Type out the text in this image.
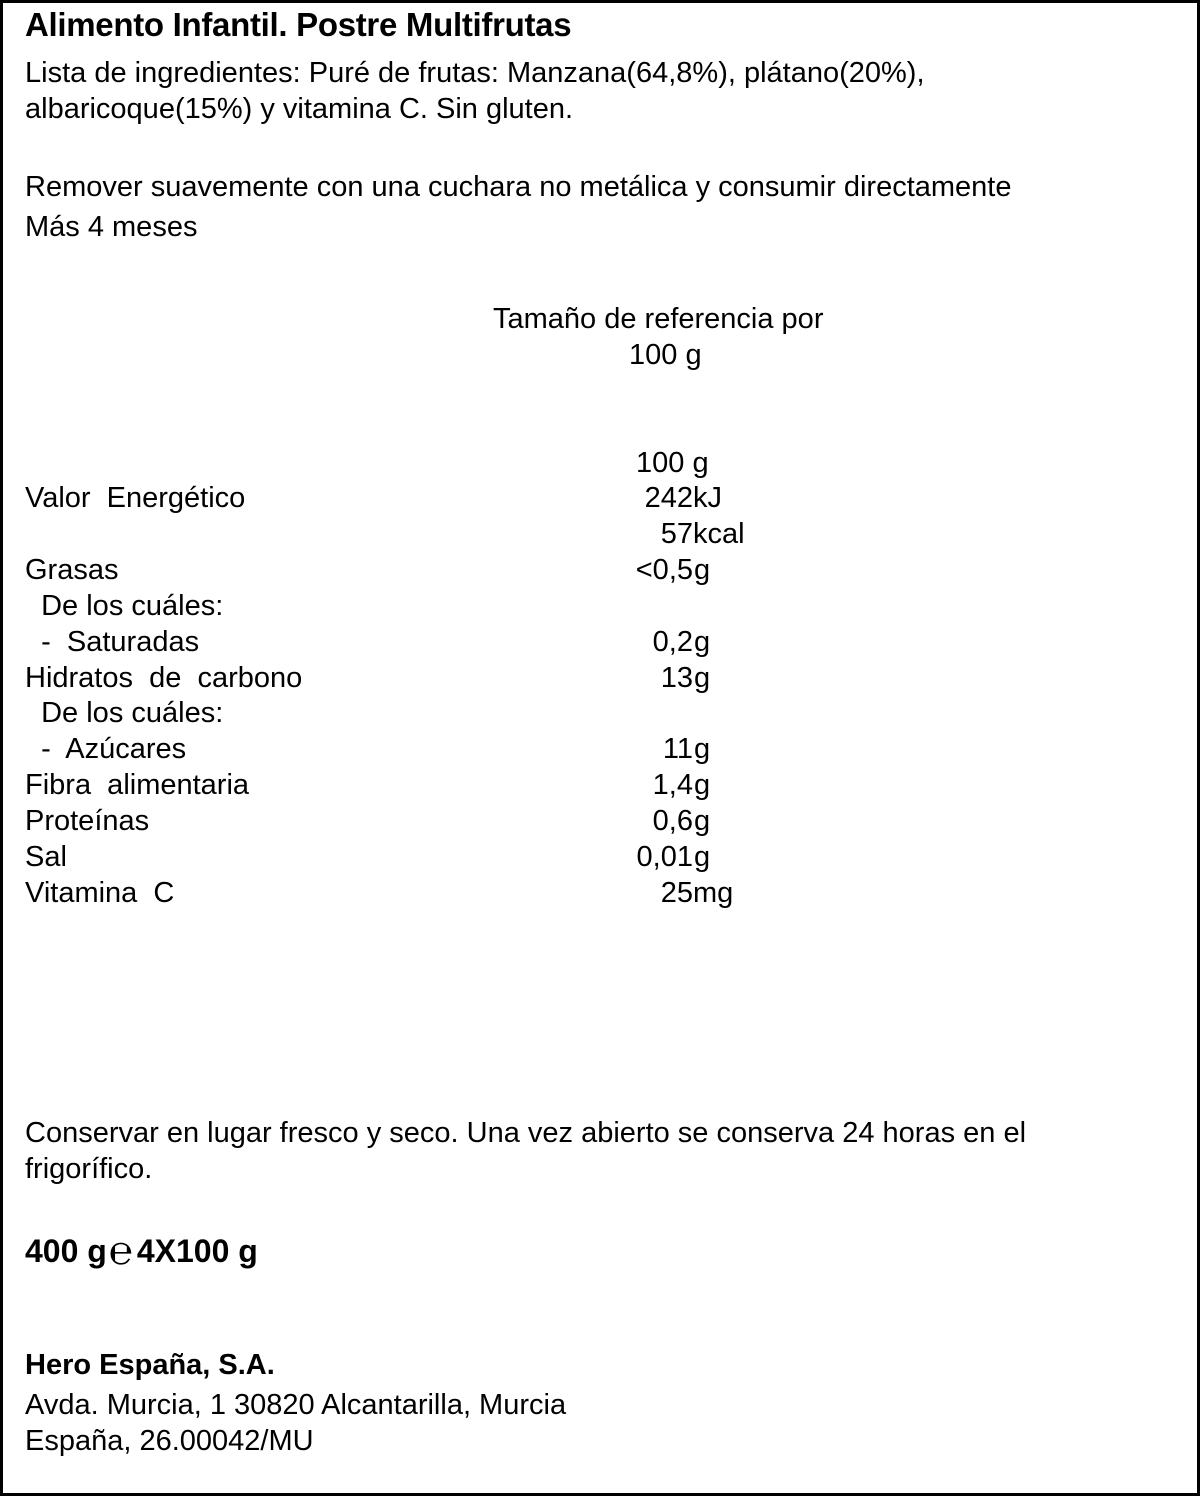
Alimento Infantil. Postre Multifrutas
Lista de ingredientes: Puré de frutas: Manzana(64,8%), plátano(20%),
albaricoque(15%) y vitamina C. Sin gluten.
Remover suavemente con una cuchara no metálica y consumir directamente
Más 4 meses
Tamaño de referencia por
100 g
100 g
Valor  Energético	242 kJ
57 kcal
Grasas	<0,5 g
De los cuáles:
-  Saturadas	0,2 g
Hidratos  de  carbono	13 g
De los cuáles:
-  Azúcares	11 g
Fibra  alimentaria	1,4 g
Proteínas	0,6 g
Sal	0,01 g
Vitamina  C	25 mg
Conservar en lugar fresco y seco. Una vez abierto se conserva 24 horas en el
frigorífico.
400 g℮ 4X100 g
Hero España, S.A.
Avda. Murcia, 1 30820 Alcantarilla, Murcia
España, 26.00042/MU
